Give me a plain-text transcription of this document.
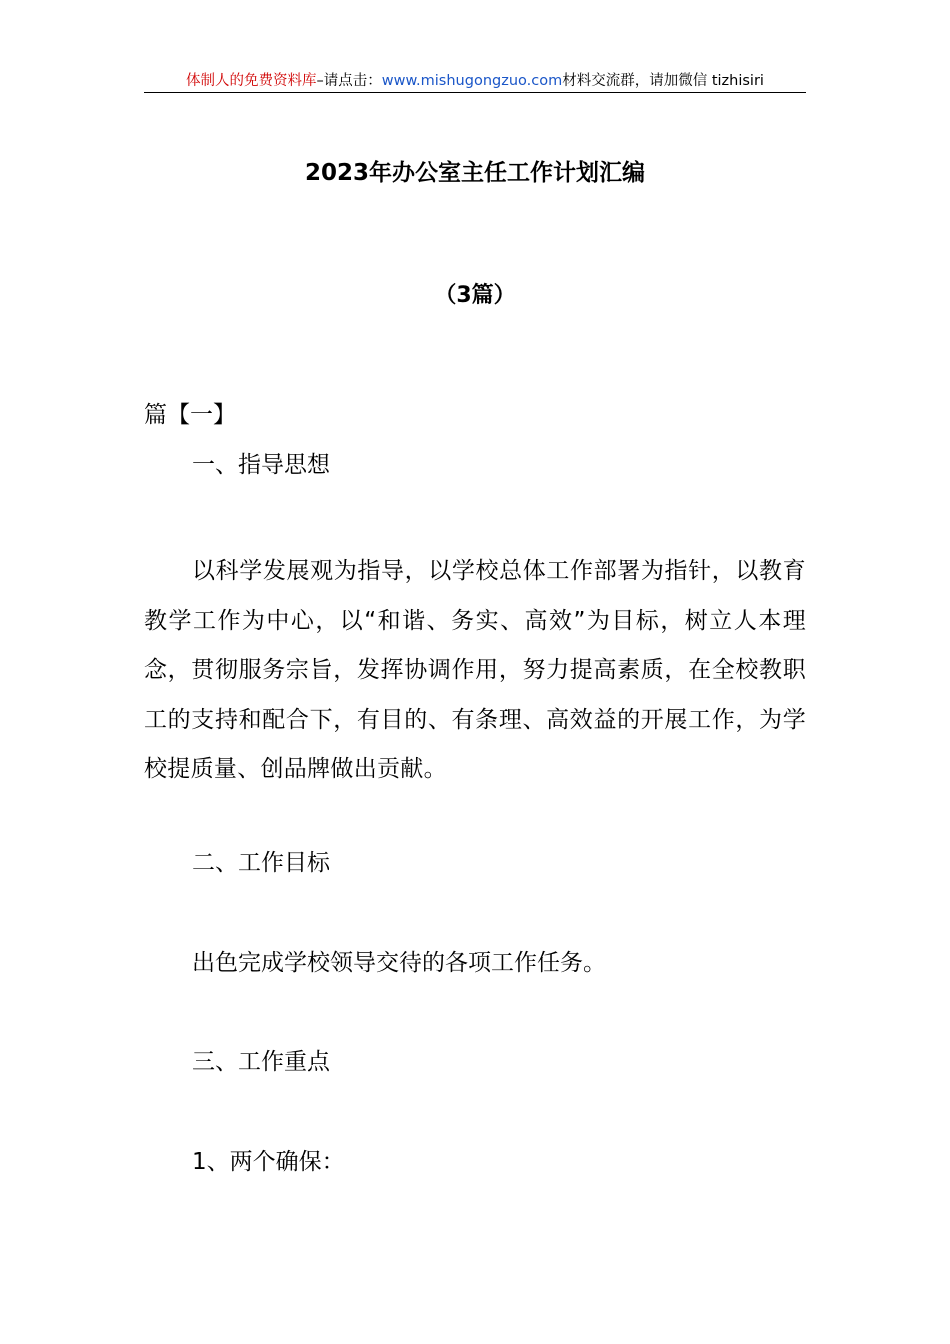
体制人的免费资料库–请点击：www.mishugongzuo.com材料交流群，请加微信 tizhisiri
2023年办公室主任工作计划汇编
（3篇）
篇【一】
一、指导思想
以科学发展观为指导，以学校总体工作部署为指针，以教育教学工作为中心，以“和谐、务实、高效”为目标，树立人本理念，贯彻服务宗旨，发挥协调作用，努力提高素质，在全校教职工的支持和配合下，有目的、有条理、高效益的开展工作，为学校提质量、创品牌做出贡献。
二、工作目标
出色完成学校领导交待的各项工作任务。
三、工作重点
1、两个确保：
